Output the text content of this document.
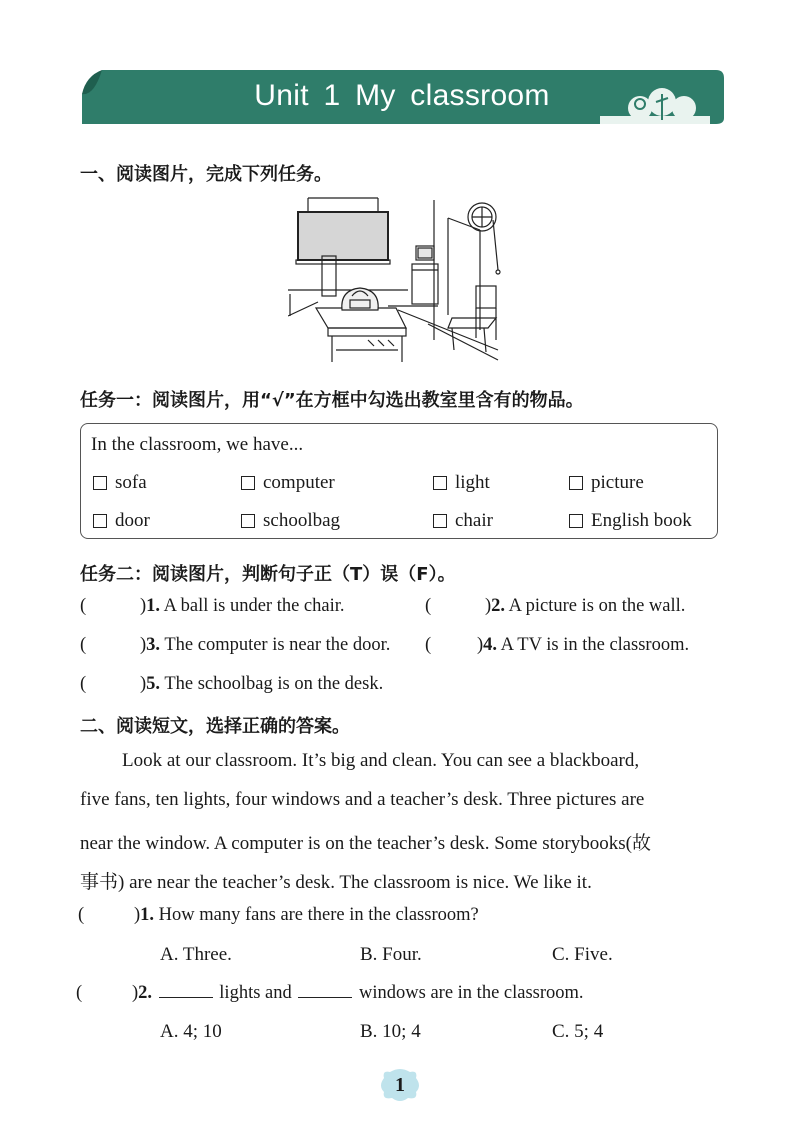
Unit 1 My classroom
一、阅读图片，完成下列任务。
任务一：阅读图片，用“√”在方框中勾选出教室里含有的物品。
In the classroom, we have...
sofa	computer	light	picture
door	schoolbag	chair	English book
任务二：阅读图片，判断句子正（T）误（F）。
(	)1. A ball is under the chair.	(	)2. A picture is on the wall.
(	)3. The computer is near the door. ( )4. A TV is in the classroom.
(	)5. The schoolbag is on the desk.
二、阅读短文，选择正确的答案。
Look at our classroom. It’s big and clean. You can see a blackboard,
five fans, ten lights, four windows and a teacher’s desk. Three pictures are
near the window. A computer is on the teacher’s desk. Some storybooks(故
事书) are near the teacher’s desk. The classroom is nice. We like it.
(	)1. How many fans are there in the classroom?
A. Three.	B. Four.	C. Five.
(	)2.	lights and	windows are in the classroom.
A. 4; 10	B. 10; 4	C. 5; 4
1
